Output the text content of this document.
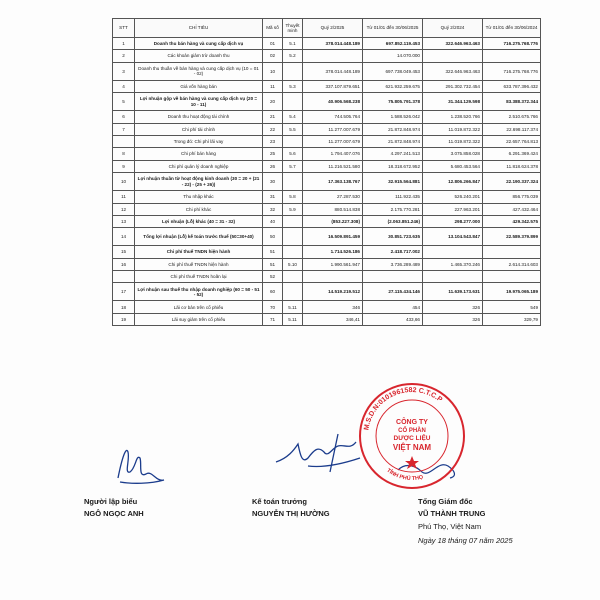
STT	CHỈ TIÊU	Mã số	Thuyết minh	Quý 2/2025	Từ 01/01 đến 30/06/2025	Quý 2/2024	Từ 01/01 đến 30/06/2024
1	Doanh thu bán hàng và cung cấp dịch vụ	01	5.1	378.014.448.189	697.852.119.453	322.646.963.463	716.275.768.776
2	Các khoản giảm trừ doanh thu	02	5.2		14.070.000		
3	Doanh thu thuần về bán hàng và cung cấp dịch vụ (10 = 01 - 02)	10		378.014.448.189	697.738.049.453	322.646.963.463	716.275.768.776
4	Giá vốn hàng bán	11	5.3	337.107.879.651	621.932.259.675	291.302.732.454	633.787.396.432
5	Lợi nhuận gộp về bán hàng và cung cấp dịch vụ (20 = 10 - 11)	20		40.906.568.238	75.805.791.378	31.344.129.598	83.388.372.344
6	Doanh thu hoạt động tài chính	21	5.4	744.505.764	1.588.526.042	1.238.520.766	2.510.675.766
7	Chi phí tài chính	22	5.5	11.277.007.679	21.872.848.974	11.019.872.322	22.698.117.374
	Trong đó: Chi phí lãi vay	23		11.277.007.679	21.872.848.974	11.019.872.322	22.657.764.813
8	Chi phí bán hàng	25	5.6	1.794.407.076	4.297.241.513	3.075.858.028	6.291.369.424
9	Chi phí quản lý doanh nghiệp	26	5.7	11.216.521.580	18.318.672.952	5.680.453.564	11.818.624.378
10	Lợi nhuận thuần từ hoạt động kinh doanh (30 = 20 + (21 - 22) - (25 + 26))	30		17.363.138.767	32.915.564.881	12.806.266.847	22.190.337.324
11	Thu nhập khác	31	5.8	27.287.530	111.922.435	526.240.201	856.775.039
12	Chi phí khác	32	5.9	880.514.838	2.175.770.281	227.963.201	427.432.464
13	Lợi nhuận (Lỗ) khác (40 = 31 - 32)	40		(853.227.308)	(2.063.851.246)	298.277.000	429.342.575
14	Tổng lợi nhuận (Lỗ) kế toán trước thuế (50=30+40)	50		16.509.891.459	30.851.723.635	13.104.543.847	22.589.379.899
15	Chi phí thuế TNDN hiện hành	51		1.714.526.186	2.418.717.002		
16	Chi phí thuế TNDN hiện hành	51	5.10	1.990.561.947	3.736.289.489	1.465.370.246	2.614.314.603
	Chi phí thuế TNDN hoãn lại	52					
17	Lợi nhuận sau thuế thu nhập doanh nghiệp (60 = 50 - 51 - 52)	60		14.519.219.512	27.115.434.146	11.639.173.631	19.975.065.189
18	Lãi cơ bản trên cổ phiếu	70	5.11	346	454	326	549
19	Lãi suy giảm trên cổ phiếu	71	5.11	346,41	433,66	326	329,79
M.S.D.N:0101961582 C.T.C.P
TỈNH PHÚ THỌ
CÔNG TY
CỔ PHẦN
DƯỢC LIỆU
VIỆT NAM
Người lập biểu
NGÔ NGỌC ANH
Kế toán trưởng
NGUYỄN THỊ HƯỜNG
Tổng Giám đốc
VŨ THÀNH TRUNG
Phú Thọ, Việt Nam
Ngày 18 tháng 07 năm 2025
